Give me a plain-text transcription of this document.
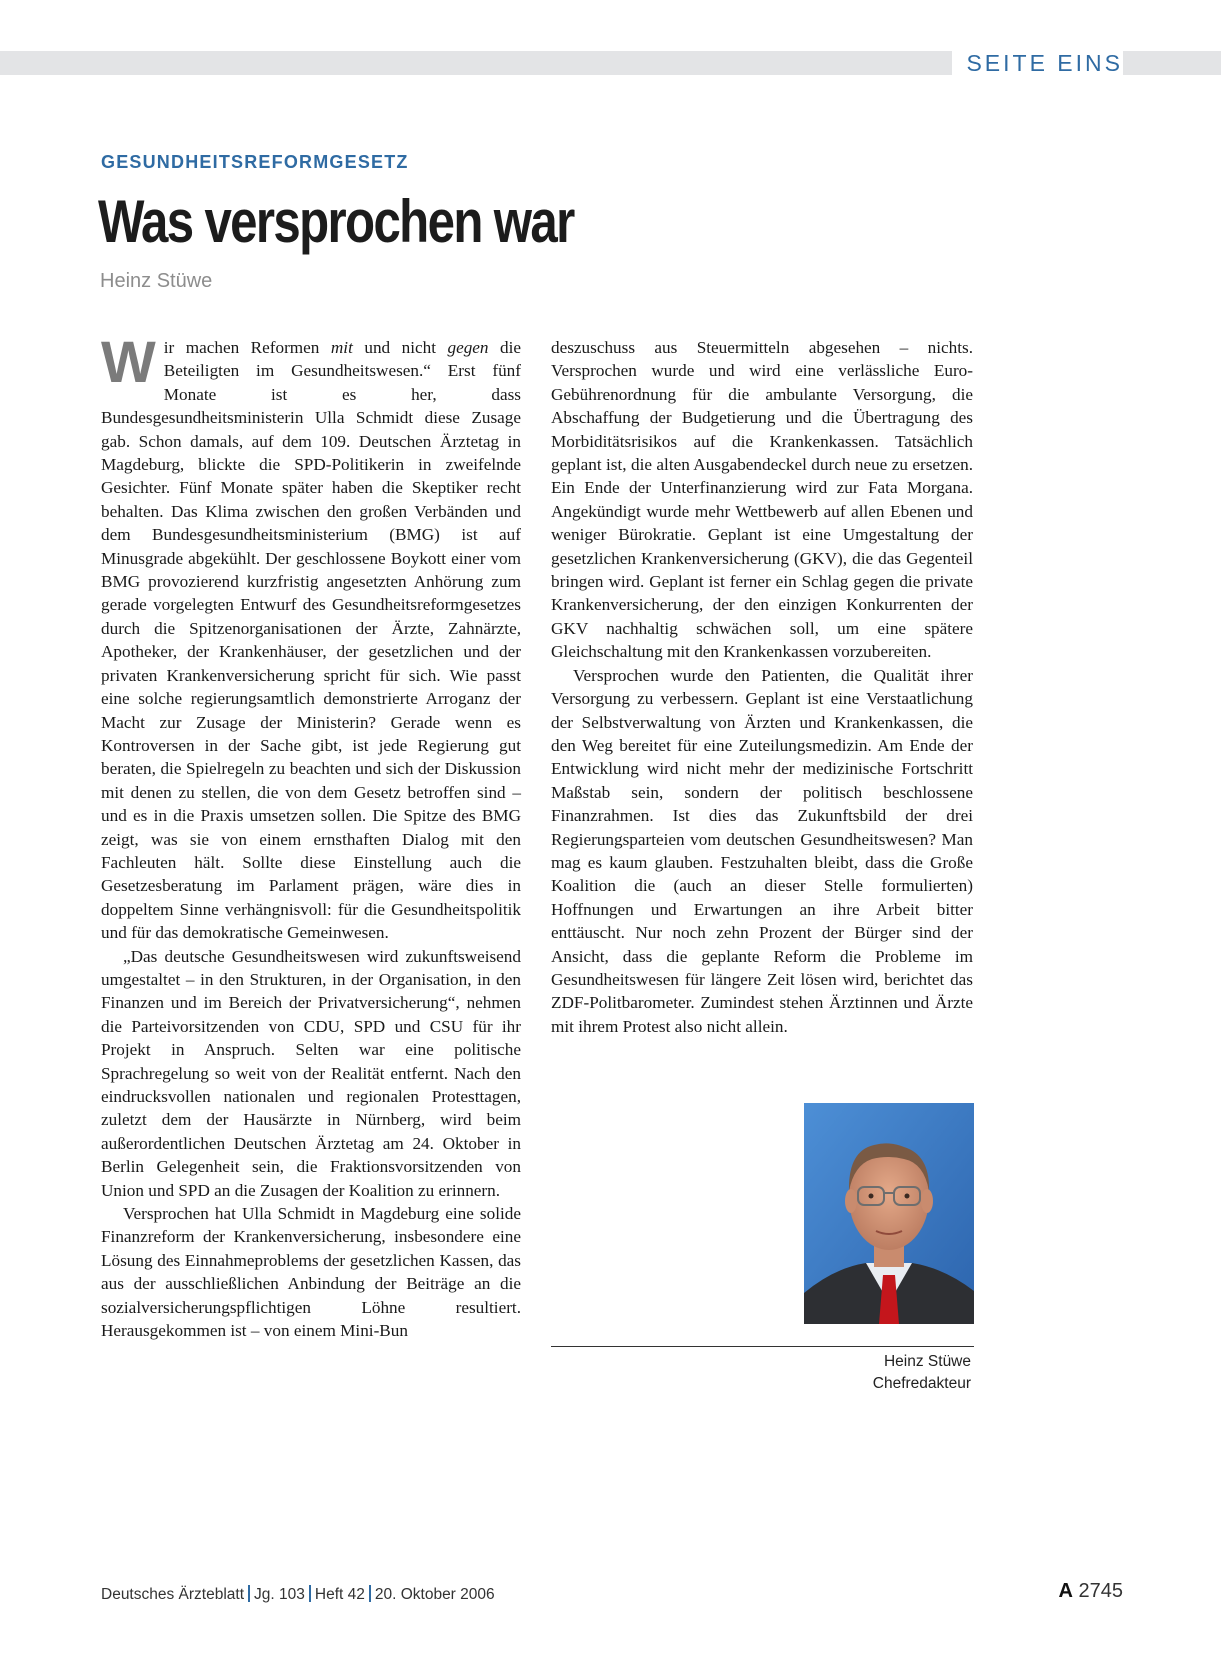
SEITE EINS
GESUNDHEITSREFORMGESETZ
Was versprochen war
Heinz Stüwe

Wir machen Reformen mit und nicht gegen die Beteiligten im Gesundheitswesen.“ Erst fünf Monate ist es her, dass Bundesgesundheitsministerin Ulla Schmidt diese Zusage gab. Schon damals, auf dem 109. Deutschen Ärztetag in Magdeburg, blickte die SPD-Politikerin in zweifelnde Gesichter. Fünf Monate später haben die Skeptiker recht behalten. Das Klima zwischen den großen Verbänden und dem Bundesgesundheitsministerium (BMG) ist auf Minusgrade abgekühlt. Der geschlossene Boykott einer vom BMG provozierend kurzfristig angesetzten Anhörung zum gerade vorgelegten Entwurf des Gesundheitsreformgesetzes durch die Spitzenorganisationen der Ärzte, Zahnärzte, Apotheker, der Krankenhäuser, der gesetzlichen und der privaten Krankenversicherung spricht für sich. Wie passt eine solche regierungsamtlich demonstrierte Arroganz der Macht zur Zusage der Ministerin? Gerade wenn es Kontroversen in der Sache gibt, ist jede Regierung gut beraten, die Spielregeln zu beachten und sich der Diskussion mit denen zu stellen, die von dem Gesetz betroffen sind – und es in die Praxis umsetzen sollen. Die Spitze des BMG zeigt, was sie von einem ernsthaften Dialog mit den Fachleuten hält. Sollte diese Einstellung auch die Gesetzesberatung im Parlament prägen, wäre dies in doppeltem Sinne verhängnisvoll: für die Gesundheitspolitik und für das demokratische Gemeinwesen.

„Das deutsche Gesundheitswesen wird zukunftsweisend umgestaltet – in den Strukturen, in der Organisation, in den Finanzen und im Bereich der Privatversicherung“, nehmen die Parteivorsitzenden von CDU, SPD und CSU für ihr Projekt in Anspruch. Selten war eine politische Sprachregelung so weit von der Realität entfernt. Nach den eindrucksvollen nationalen und regionalen Protesttagen, zuletzt dem der Hausärzte in Nürnberg, wird beim außerordentlichen Deutschen Ärztetag am 24. Oktober in Berlin Gelegenheit sein, die Fraktionsvorsitzenden von Union und SPD an die Zusagen der Koalition zu erinnern.

Versprochen hat Ulla Schmidt in Magdeburg eine solide Finanzreform der Krankenversicherung, insbesondere eine Lösung des Einnahmeproblems der gesetzlichen Kassen, das aus der ausschließlichen Anbindung der Beiträge an die sozialversicherungspflichtigen Löhne resultiert. Herausgekommen ist – von einem Mini-Bun

deszuschuss aus Steuermitteln abgesehen – nichts. Versprochen wurde und wird eine verlässliche Euro-Gebührenordnung für die ambulante Versorgung, die Abschaffung der Budgetierung und die Übertragung des Morbiditätsrisikos auf die Krankenkassen. Tatsächlich geplant ist, die alten Ausgabendeckel durch neue zu ersetzen. Ein Ende der Unterfinanzierung wird zur Fata Morgana. Angekündigt wurde mehr Wettbewerb auf allen Ebenen und weniger Bürokratie. Geplant ist eine Umgestaltung der gesetzlichen Krankenversicherung (GKV), die das Gegenteil bringen wird. Geplant ist ferner ein Schlag gegen die private Krankenversicherung, der den einzigen Konkurrenten der GKV nachhaltig schwächen soll, um eine spätere Gleichschaltung mit den Krankenkassen vorzubereiten.

Versprochen wurde den Patienten, die Qualität ihrer Versorgung zu verbessern. Geplant ist eine Verstaatlichung der Selbstverwaltung von Ärzten und Krankenkassen, die den Weg bereitet für eine Zuteilungsmedizin. Am Ende der Entwicklung wird nicht mehr der medizinische Fortschritt Maßstab sein, sondern der politisch beschlossene Finanzrahmen. Ist dies das Zukunftsbild der drei Regierungsparteien vom deutschen Gesundheitswesen? Man mag es kaum glauben. Festzuhalten bleibt, dass die Große Koalition die (auch an dieser Stelle formulierten) Hoffnungen und Erwartungen an ihre Arbeit bitter enttäuscht. Nur noch zehn Prozent der Bürger sind der Ansicht, dass die geplante Reform die Probleme im Gesundheitswesen für längere Zeit lösen wird, berichtet das ZDF-Politbarometer. Zumindest stehen Ärztinnen und Ärzte mit ihrem Protest also nicht allein.

Heinz Stüwe
Chefredakteur
Deutsches Ärzteblatt Jg. 103 Heft 42 20. Oktober 2006	A 2745
